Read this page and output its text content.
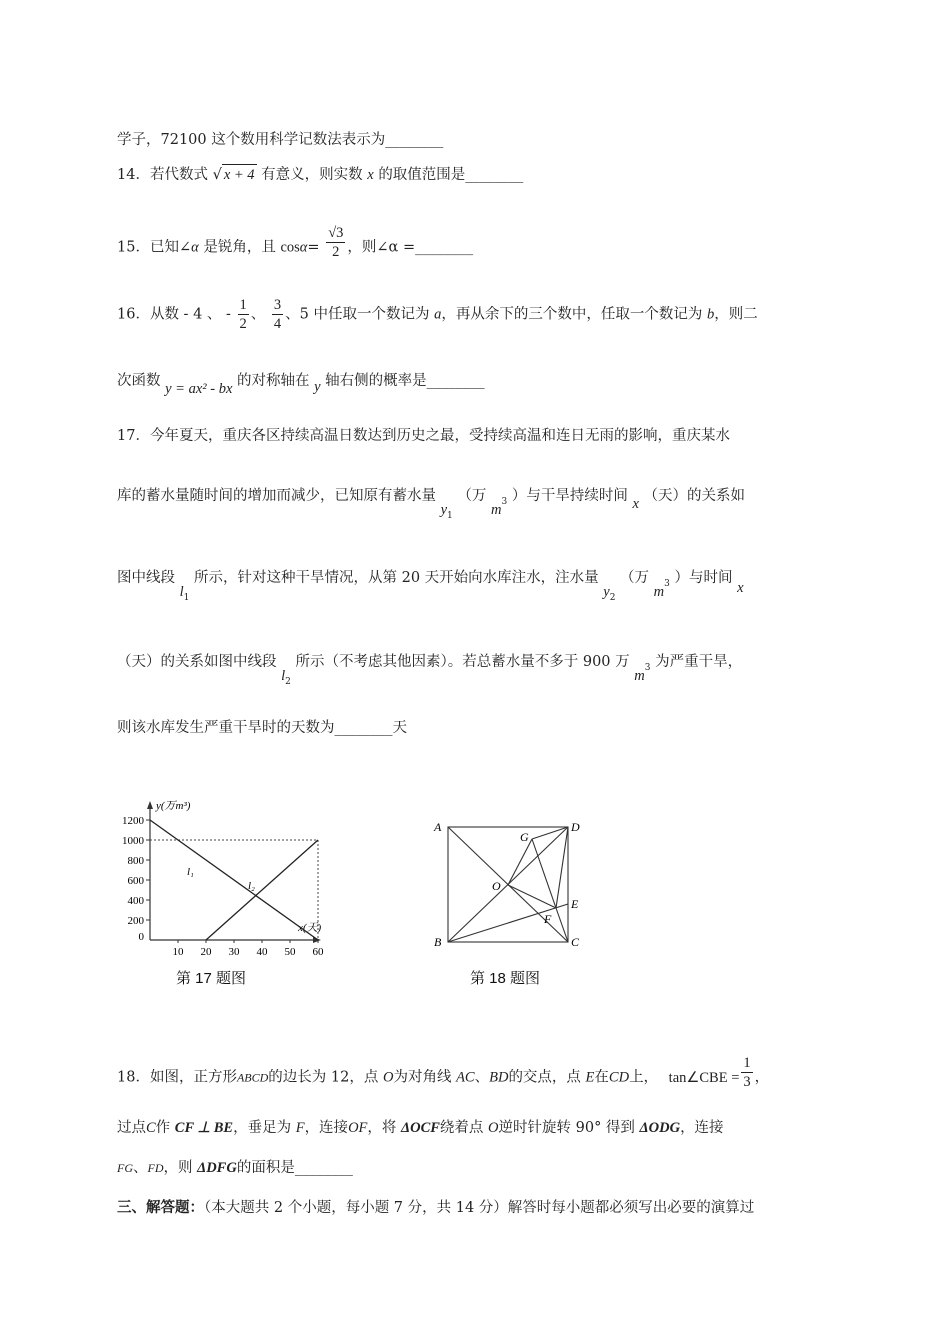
学子，72100 这个数用科学记数法表示为________
14．若代数式 √ x + 4 有意义，则实数 x 的取值范围是________
15．已知∠α 是锐角，且 $\cos\alpha= \frac{√3}{2}$ ，则∠α =________
16．从数 - 4 、 - $\frac{1}{2}$ 、 $\frac{3}{4}$ 、5 中任取一个数记为 a，再从余下的三个数中，任取一个数记为 b，则二
次函数 y = ax² - bx 的对称轴在 y 轴右侧的概率是________
17．今年夏天，重庆各区持续高温日数达到历史之最，受持续高温和连日无雨的影响，重庆某水
库的蓄水量随时间的增加而减少，已知原有蓄水量 $y_1$ （万 $m_3$ ）与干旱持续时间 x （天）的关系如
图中线段 $l_1$ 所示，针对这种干旱情况，从第 20 天开始向水库注水，注水量 $y_2$ （万 $m_3$ ）与时间 x
（天）的关系如图中线段 $l_2$ 所示（不考虑其他因素）。若总蓄水量不多于 900 万 $m_3$ 为严重干旱，
则该水库发生严重干旱时的天数为________天
y(万m³)
x(天)
1200
1000
800
600
400
200
0
10 20 30 40 50 60
l₁
l₂
第 17 题图
A	D
B	C
E
F
G
O
第 18 题图
18．如图，正方形ABCD的边长为 12，点 O为对角线 AC、BD的交点，点 E在CD上， tan∠CBE = $\frac{1}{3}$ ，
过点C作 CF ⊥ BE，垂足为 F，连接OF，将 ΔOCF绕着点 O逆时针旋转 90° 得到 ΔODG，连接
FG、FD，则 ΔDFG的面积是________
三、解答题：（本大题共 2 个小题，每小题 7 分，共 14 分）解答时每小题都必须写出必要的演算过
